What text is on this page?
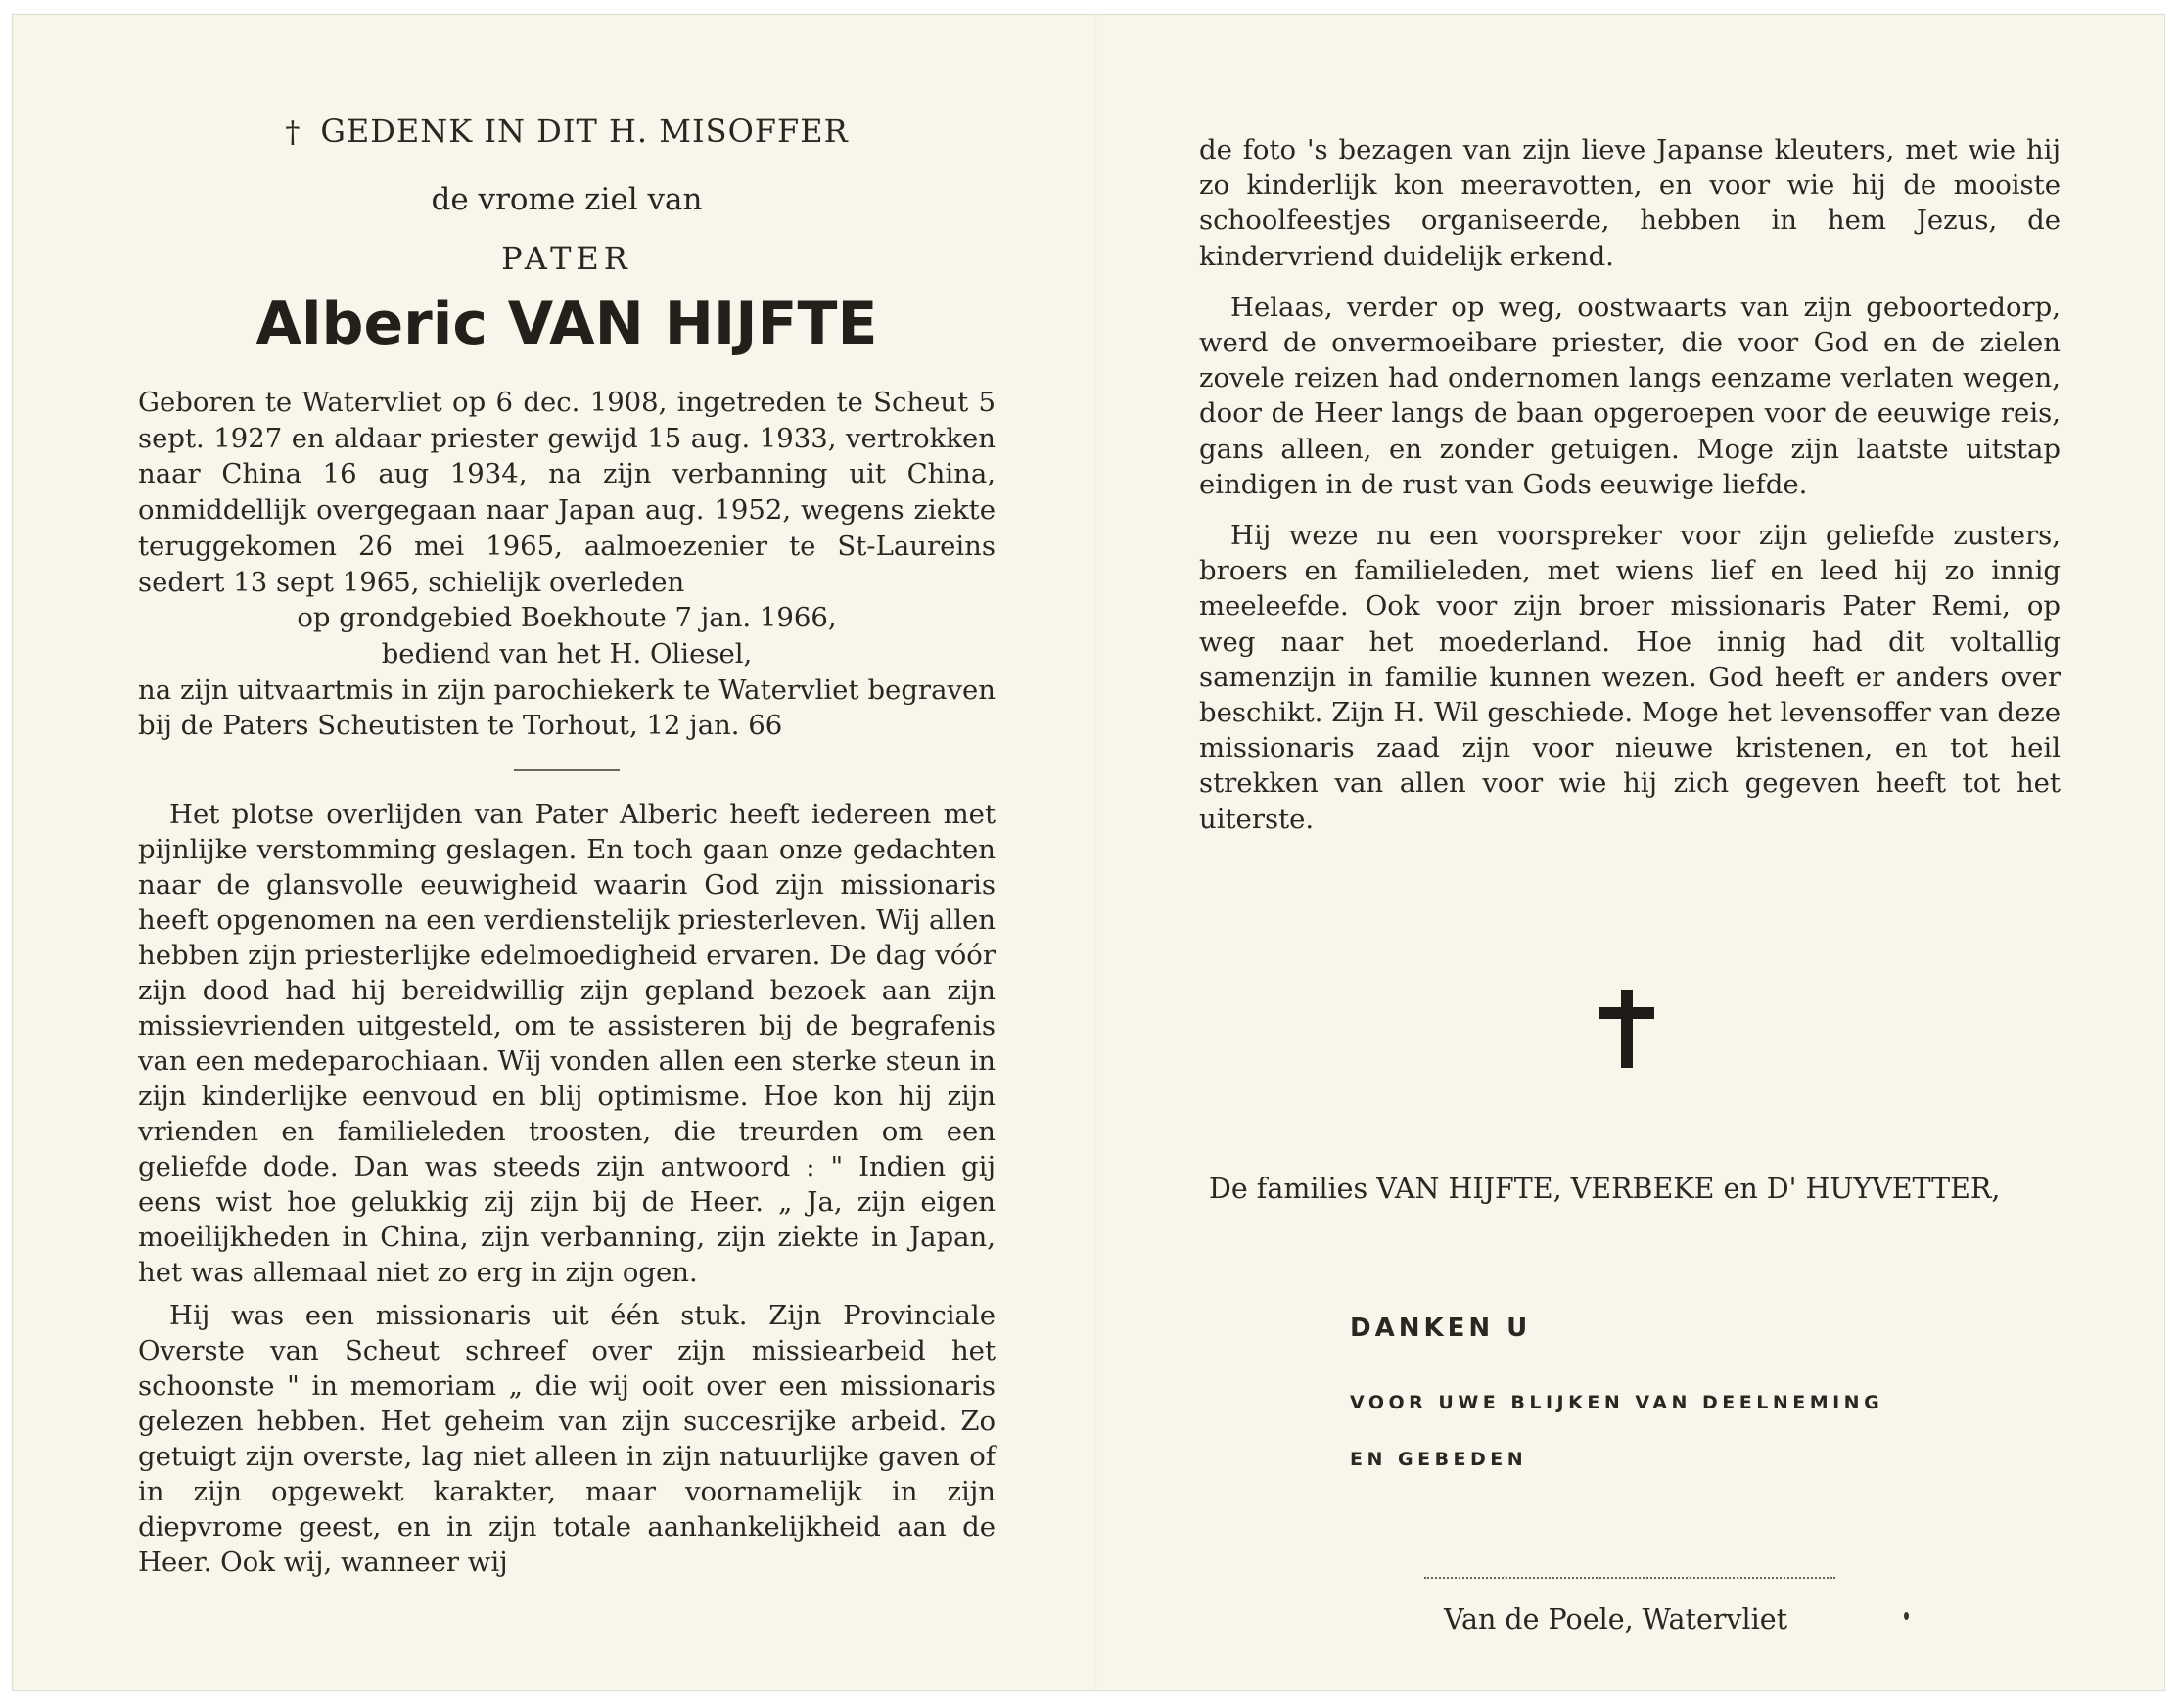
† GEDENK IN DIT H. MISOFFER
de vrome ziel van
PATER
Alberic VAN HIJFTE
Geboren te Watervliet op 6 dec. 1908, ingetreden te Scheut 5 sept. 1927 en aldaar priester gewijd 15 aug. 1933, vertrokken naar China 16 aug 1934, na zijn verbanning uit China, onmiddellijk overgegaan naar Japan aug. 1952, wegens ziekte teruggekomen 26 mei 1965, aalmoezenier te St-Laureins sedert 13 sept 1965, schielijk overleden
op grondgebied Boekhoute 7 jan. 1966,
bediend van het H. Oliesel,
na zijn uitvaartmis in zijn parochiekerk te Watervliet begraven bij de Paters Scheutisten te Torhout, 12 jan. 66

Het plotse overlijden van Pater Alberic heeft iedereen met pijnlijke verstomming geslagen. En toch gaan onze gedachten naar de glansvolle eeuwigheid waarin God zijn missionaris heeft opgenomen na een verdienstelijk priesterleven. Wij allen hebben zijn priesterlijke edelmoedigheid ervaren. De dag vóór zijn dood had hij bereidwillig zijn gepland bezoek aan zijn missievrienden uitgesteld, om te assisteren bij de begrafenis van een medeparochiaan. Wij vonden allen een sterke steun in zijn kinderlijke eenvoud en blij optimisme. Hoe kon hij zijn vrienden en familieleden troosten, die treurden om een geliefde dode. Dan was steeds zijn antwoord : " Indien gij eens wist hoe gelukkig zij zijn bij de Heer. „ Ja, zijn eigen moeilijkheden in China, zijn verbanning, zijn ziekte in Japan, het was allemaal niet zo erg in zijn ogen.

Hij was een missionaris uit één stuk. Zijn Provinciale Overste van Scheut schreef over zijn missiearbeid het schoonste " in memoriam „ die wij ooit over een missionaris gelezen hebben. Het geheim van zijn succesrijke arbeid. Zo getuigt zijn overste, lag niet alleen in zijn natuurlijke gaven of in zijn opgewekt karakter, maar voornamelijk in zijn diepvrome geest, en in zijn totale aanhankelijkheid aan de Heer. Ook wij, wanneer wij

de foto 's bezagen van zijn lieve Japanse kleuters, met wie hij zo kinderlijk kon meeravotten, en voor wie hij de mooiste schoolfeestjes organiseerde, hebben in hem Jezus, de kindervriend duidelijk erkend.

Helaas, verder op weg, oostwaarts van zijn geboortedorp, werd de onvermoeibare priester, die voor God en de zielen zovele reizen had ondernomen langs eenzame verlaten wegen, door de Heer langs de baan opgeroepen voor de eeuwige reis, gans alleen, en zonder getuigen. Moge zijn laatste uitstap eindigen in de rust van Gods eeuwige liefde.

Hij weze nu een voorspreker voor zijn geliefde zusters, broers en familieleden, met wiens lief en leed hij zo innig meeleefde. Ook voor zijn broer missionaris Pater Remi, op weg naar het moederland. Hoe innig had dit voltallig samenzijn in familie kunnen wezen. God heeft er anders over beschikt. Zijn H. Wil geschiede. Moge het levensoffer van deze missionaris zaad zijn voor nieuwe kristenen, en tot heil strekken van allen voor wie hij zich gegeven heeft tot het uiterste.

De families VAN HIJFTE, VERBEKE en D' HUYVETTER,
DANKEN U
VOOR UWE BLIJKEN VAN DEELNEMING
EN GEBEDEN
Van de Poele, Watervliet
